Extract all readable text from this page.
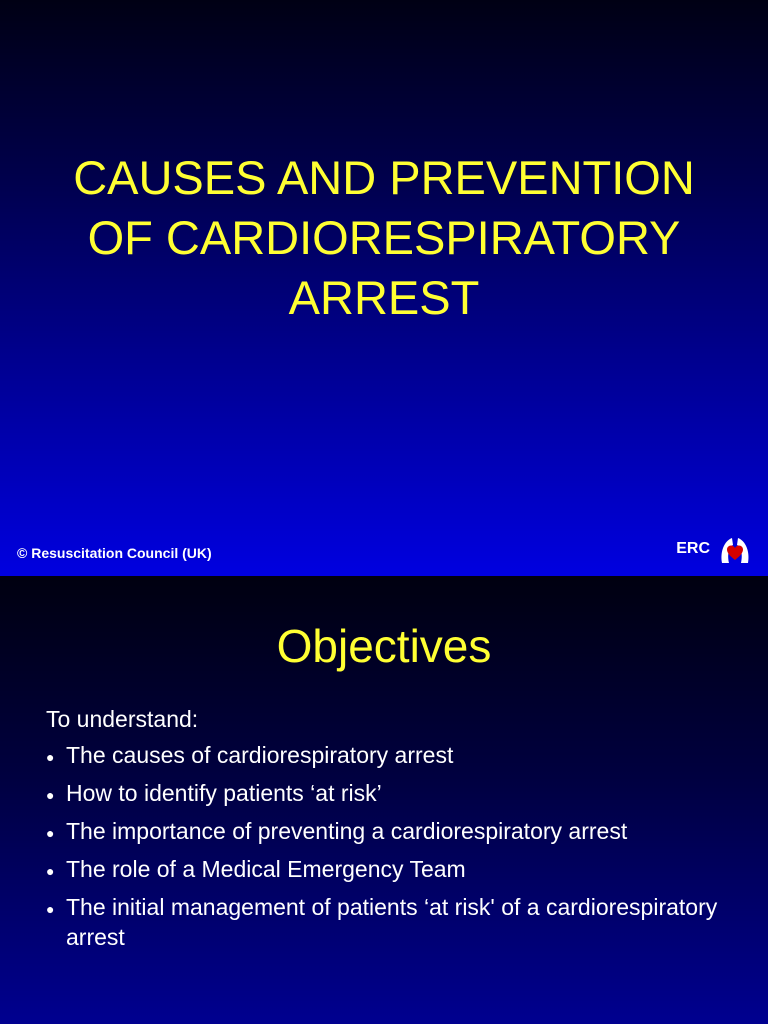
CAUSES AND PREVENTION
OF CARDIORESPIRATORY
ARREST
© Resuscitation Council (UK)	ERC
Objectives
To understand:
● The causes of cardiorespiratory arrest
● How to identify patients ‘at risk’
● The importance of preventing a cardiorespiratory arrest
● The role of a Medical Emergency Team
● The initial management of patients ‘at risk' of a cardiorespiratory arrest
